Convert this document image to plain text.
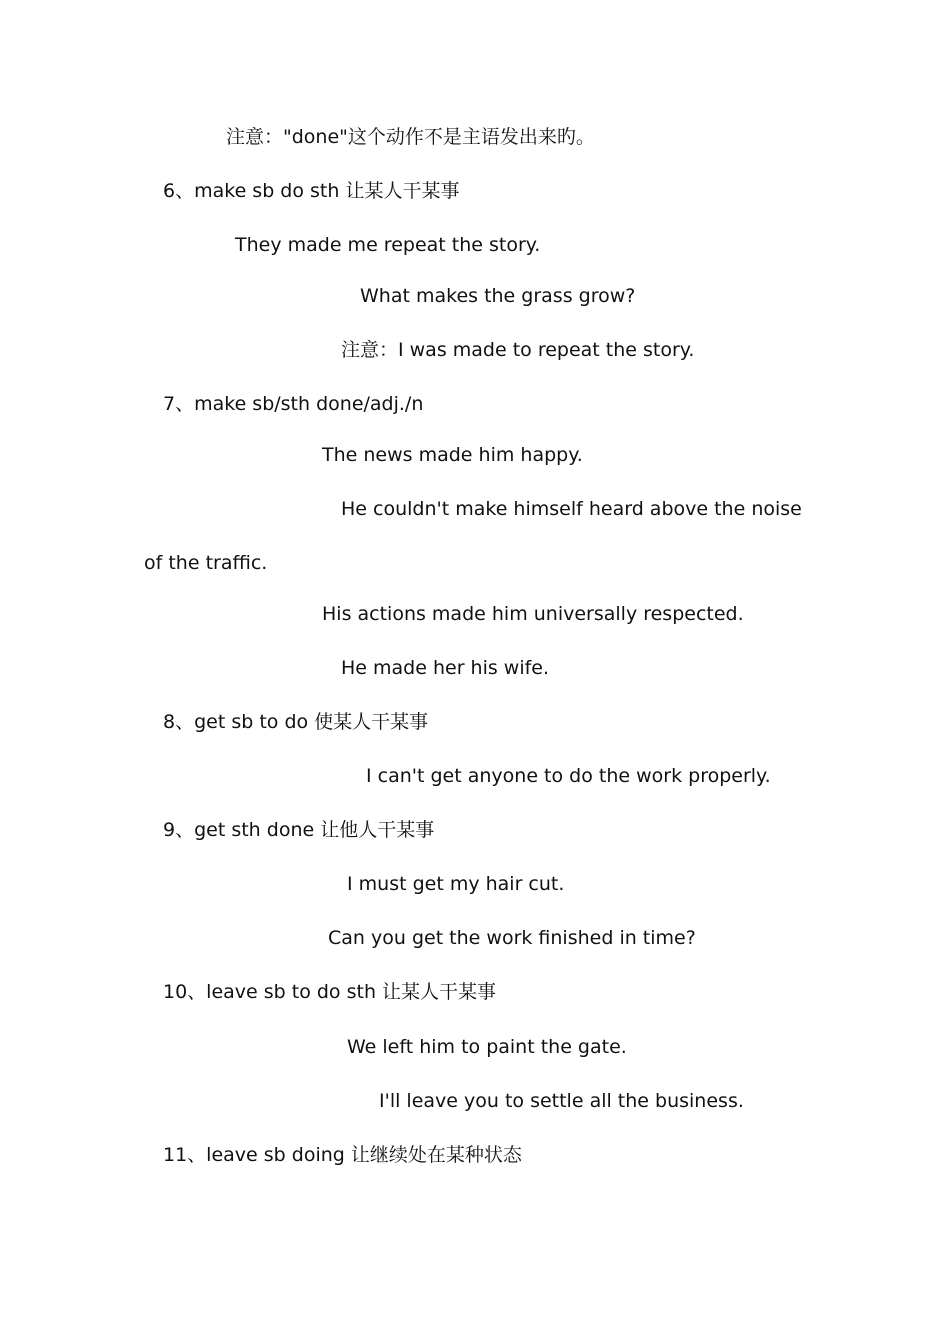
注意："done"这个动作不是主语发出来旳。
6、make sb do sth 让某人干某事
They made me repeat the story.
What makes the grass grow?
注意：I was made to repeat the story.
7、make sb/sth done/adj./n
The news made him happy.
He couldn't make himself heard above the noise
of the traffic.
His actions made him universally respected.
He made her his wife.
8、get sb to do 使某人干某事
I can't get anyone to do the work properly.
9、get sth done 让他人干某事
I must get my hair cut.
Can you get the work finished in time?
10、leave sb to do sth 让某人干某事
We left him to paint the gate.
I'll leave you to settle all the business.
11、leave sb doing 让继续处在某种状态
